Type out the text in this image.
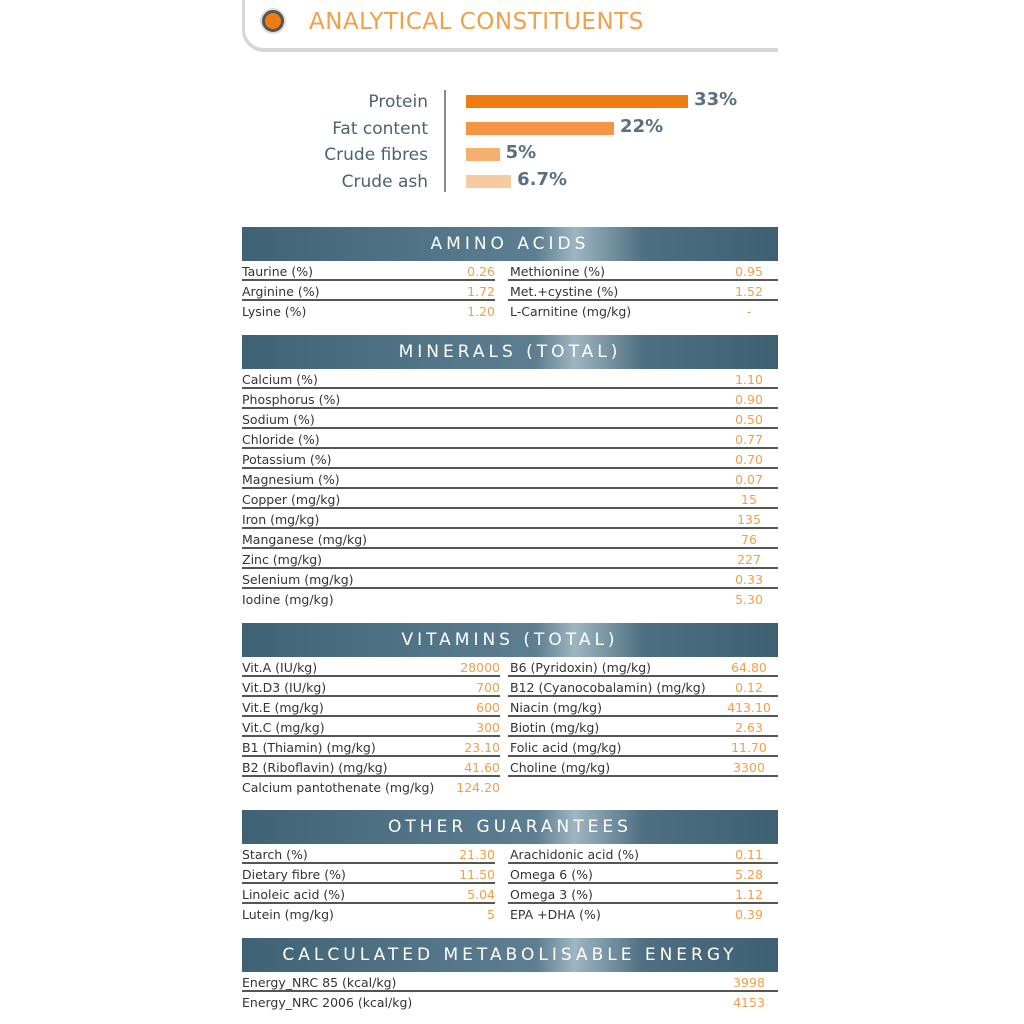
ANALYTICAL CONSTITUENTS
Protein	33%
Fat content	22%
Crude fibres	5%
Crude ash	6.7%
AMINO ACIDS
Taurine (%)	0.26 Methionine (%)	0.95
Arginine (%)	1.72 Met.+cystine (%)	1.52
Lysine (%)	1.20 L-Carnitine (mg/kg)	-
MINERALS (TOTAL)
Calcium (%)	1.10
Phosphorus (%)	0.90
Sodium (%)	0.50
Chloride (%)	0.77
Potassium (%)	0.70
Magnesium (%)	0.07
Copper (mg/kg)	15
Iron (mg/kg)	135
Manganese (mg/kg)	76
Zinc (mg/kg)	227
Selenium (mg/kg)	0.33
Iodine (mg/kg)	5.30
VITAMINS (TOTAL)
Vit.A (IU/kg)	28000 B6 (Pyridoxin) (mg/kg)	64.80
Vit.D3 (IU/kg)	700 B12 (Cyanocobalamin) (mg/kg)	0.12
Vit.E (mg/kg)	600 Niacin (mg/kg)	413.10
Vit.C (mg/kg)	300 Biotin (mg/kg)	2.63
B1 (Thiamin) (mg/kg)	23.10 Folic acid (mg/kg)	11.70
B2 (Riboflavin) (mg/kg)	41.60 Choline (mg/kg)	3300
Calcium pantothenate (mg/kg) 124.20
OTHER GUARANTEES
Starch (%)	21.30 Arachidonic acid (%)	0.11
Dietary fibre (%)	11.50 Omega 6 (%)	5.28
Linoleic acid (%)	5.04 Omega 3 (%)	1.12
Lutein (mg/kg)	5 EPA +DHA (%)	0.39
CALCULATED METABOLISABLE ENERGY
Energy_NRC 85 (kcal/kg)	3998
Energy_NRC 2006 (kcal/kg)	4153
